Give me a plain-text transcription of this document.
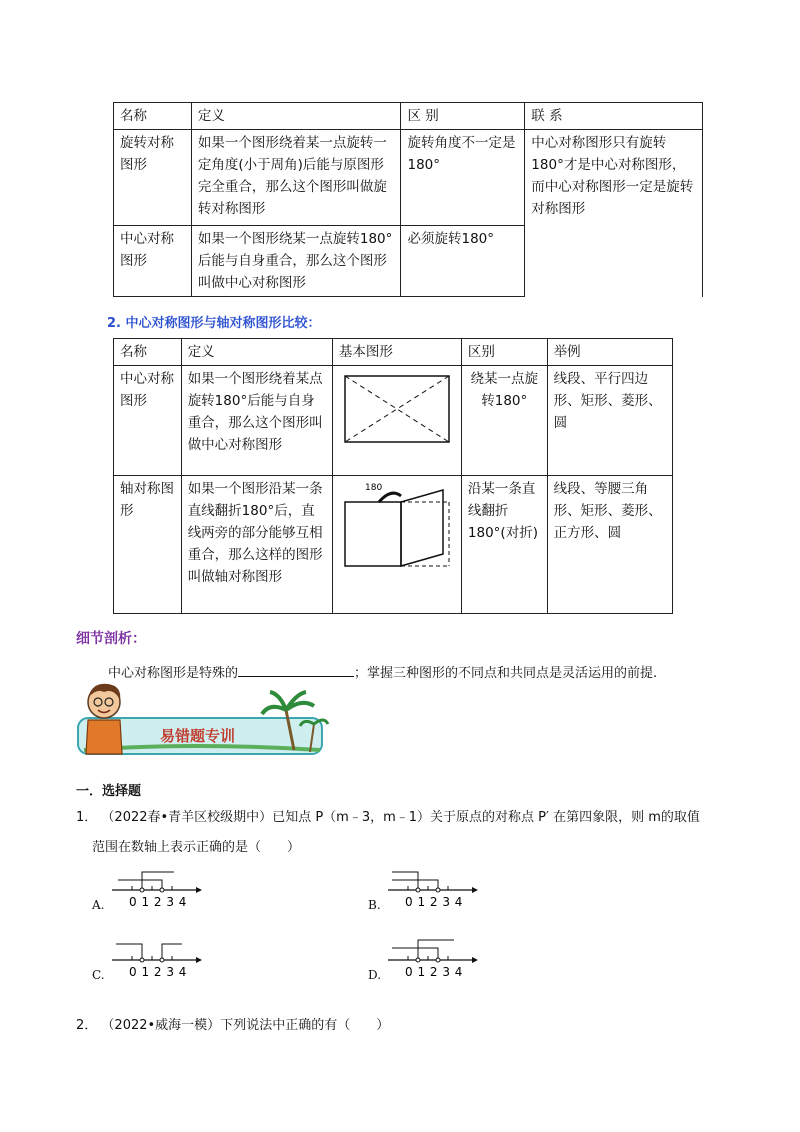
名称	定义	区 别	联 系
旋转对称图形	如果一个图形绕着某一点旋转一定角度(小于周角)后能与原图形完全重合，那么这个图形叫做旋转对称图形	旋转角度不一定是180°	中心对称图形只有旋转180°才是中心对称图形，而中心对称图形一定是旋转对称图形
中心对称图形	如果一个图形绕某一点旋转180°后能与自身重合，那么这个图形叫做中心对称图形	必须旋转180°	
2. 中心对称图形与轴对称图形比较：
名称	定义	基本图形	区别	举例
中心对称图形	如果一个图形绕着某点旋转180°后能与自身重合，那么这个图形叫做中心对称图形		绕某一点旋转180°	线段、平行四边形、矩形、菱形、圆
轴对称图形	如果一个图形沿某一条直线翻折180°后，直线两旁的部分能够互相重合，那么这样的图形叫做轴对称图形	180	沿某一条直线翻折180°(对折)	线段、等腰三角形、矩形、菱形、正方形、圆
细节剖析：
中心对称图形是特殊的	；掌握三种图形的不同点和共同点是灵活运用的前提.
易错题专训
一．选择题
1． （2022春•青羊区校级期中）已知点 P（m﹣3，m﹣1）关于原点的对称点 P′ 在第四象限，则 m的取值
范围在数轴上表示正确的是（　　）
A. 0 1 2 3 4	B. 0 1 2 3 4
C. 0 1 2 3 4	D. 0 1 2 3 4
2． （2022•威海一模）下列说法中正确的有（　　）
